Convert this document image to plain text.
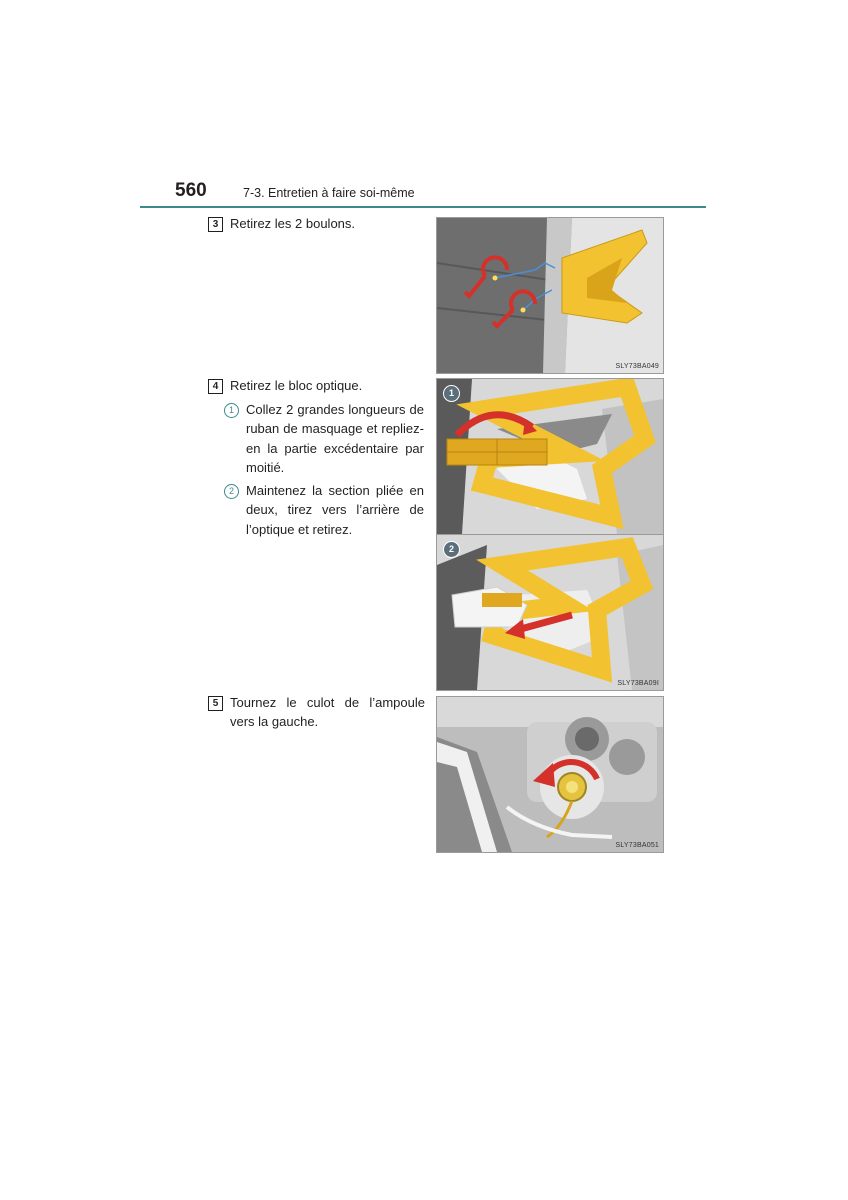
560	7-3. Entretien à faire soi-même
3 Retirez les 2 boulons.
SLY73BA049
4 Retirez le bloc optique.
1 Collez 2 grandes longueurs de ruban de masquage et repliez-en la partie excédentaire par moitié.
2 Maintenez la section pliée en deux, tirez vers l’arrière de l’optique et retirez.
1
2
SLY73BA09I
5 Tournez le culot de l’ampoule vers la gauche.
SLY73BA051
